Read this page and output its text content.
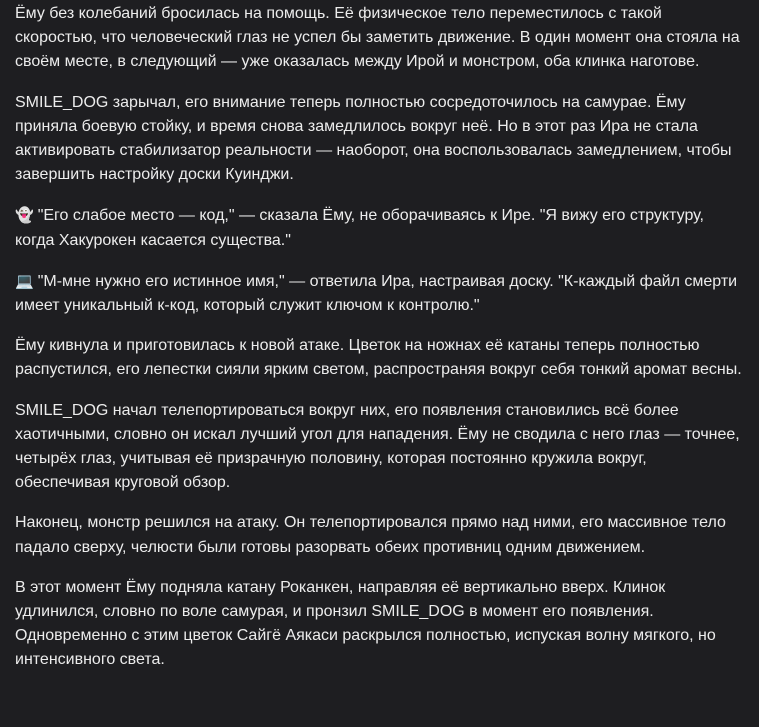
Ёму без колебаний бросилась на помощь. Её физическое тело переместилось с такой скоростью, что человеческий глаз не успел бы заметить движение. В один момент она стояла на своём месте, в следующий — уже оказалась между Ирой и монстром, оба клинка наготове.

SMILE_DOG зарычал, его внимание теперь полностью сосредоточилось на самурае. Ёму приняла боевую стойку, и время снова замедлилось вокруг неё. Но в этот раз Ира не стала активировать стабилизатор реальности — наоборот, она воспользовалась замедлением, чтобы завершить настройку доски Куинджи.

👻 "Его слабое место — код," — сказала Ёму, не оборачиваясь к Ире. "Я вижу его структуру, когда Хакурокен касается существа."

💻 "М-мне нужно его истинное имя," — ответила Ира, настраивая доску. "К-каждый файл смерти имеет уникальный к-код, который служит ключом к контролю."

Ёму кивнула и приготовилась к новой атаке. Цветок на ножнах её катаны теперь полностью распустился, его лепестки сияли ярким светом, распространяя вокруг себя тонкий аромат весны.

SMILE_DOG начал телепортироваться вокруг них, его появления становились всё более хаотичными, словно он искал лучший угол для нападения. Ёму не сводила с него глаз — точнее, четырёх глаз, учитывая её призрачную половину, которая постоянно кружила вокруг, обеспечивая круговой обзор.

Наконец, монстр решился на атаку. Он телепортировался прямо над ними, его массивное тело падало сверху, челюсти были готовы разорвать обеих противниц одним движением.

В этот момент Ёму подняла катану Роканкен, направляя её вертикально вверх. Клинок удлинился, словно по воле самурая, и пронзил SMILE_DOG в момент его появления. Одновременно с этим цветок Сайгё Аякаси раскрылся полностью, испуская волну мягкого, но интенсивного света.
